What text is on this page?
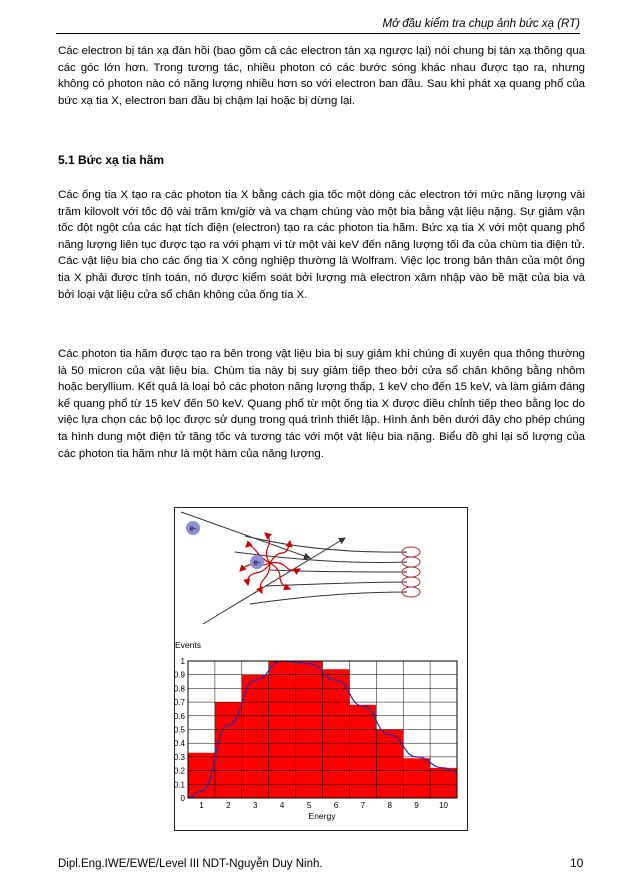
Mở đầu kiểm tra chụp ảnh bức xạ (RT)

Các electron bị tán xạ đàn hồi (bao gồm cả các electron tán xạ ngược lại) nói chung bị tán xạ thông qua các góc lớn hơn. Trong tương tác, nhiều photon có các bước sóng khác nhau được tạo ra, nhưng không có photon nào có năng lượng nhiều hơn so với electron ban đầu. Sau khi phát xạ quang phổ của bức xạ tia X, electron ban đầu bị chậm lại hoặc bị dừng lại.

5.1 Bức xạ tia hãm

Các ống tia X tạo ra các photon tia X bằng cách gia tốc một dòng các electron tới mức năng lượng vài trăm kilovolt với tốc độ vài trăm km/giờ và va chạm chúng vào một bia bằng vật liệu nặng. Sự giảm vận tốc đột ngột của các hạt tích điện (electron) tạo ra các photon tia hãm. Bức xạ tia X với một quang phổ năng lượng liên tục được tạo ra với phạm vi từ một vài keV đến năng lượng tối đa của chùm tia điện tử. Các vật liệu bia cho các ống tia X công nghiệp thường là Wolfram. Việc lọc trong bản thân của một ống tia X phải được tính toán, nó được kiểm soát bởi lượng mà electron xâm nhập vào bề mặt của bia và bởi loại vật liệu cửa sổ chân không của ống tia X.

Các photon tia hãm được tạo ra bên trong vật liệu bia bị suy giảm khi chúng đi xuyên qua thông thường là 50 micron của vật liệu bia. Chùm tia này bị suy giảm tiếp theo bởi cửa sổ chân không bằng nhôm hoặc beryllium. Kết quả là loại bỏ các photon năng lượng thấp, 1 keV cho đến 15 keV, và làm giảm đáng kể quang phổ từ 15 keV đến 50 keV. Quang phổ từ một ống tia X được điều chỉnh tiếp theo bằng lọc do việc lựa chọn các bộ lọc được sử dụng trong quá trình thiết lập. Hình ảnh bên dưới đây cho phép chúng ta hình dung một điện tử tăng tốc và tương tác với một vật liệu bia nặng. Biểu đồ ghi lại số lượng của các photon tia hãm như là một hàm của năng lượng.

e-
e-
Events
Energy
0
0.1
0.2
0.3
0.4
0.5
0.6
0.7
0.8
0.9
1
1	2	3	4	5	6	7	8	9	10
Dipl.Eng.IWE/EWE/Level III NDT-Nguyễn Duy Ninh.	10
